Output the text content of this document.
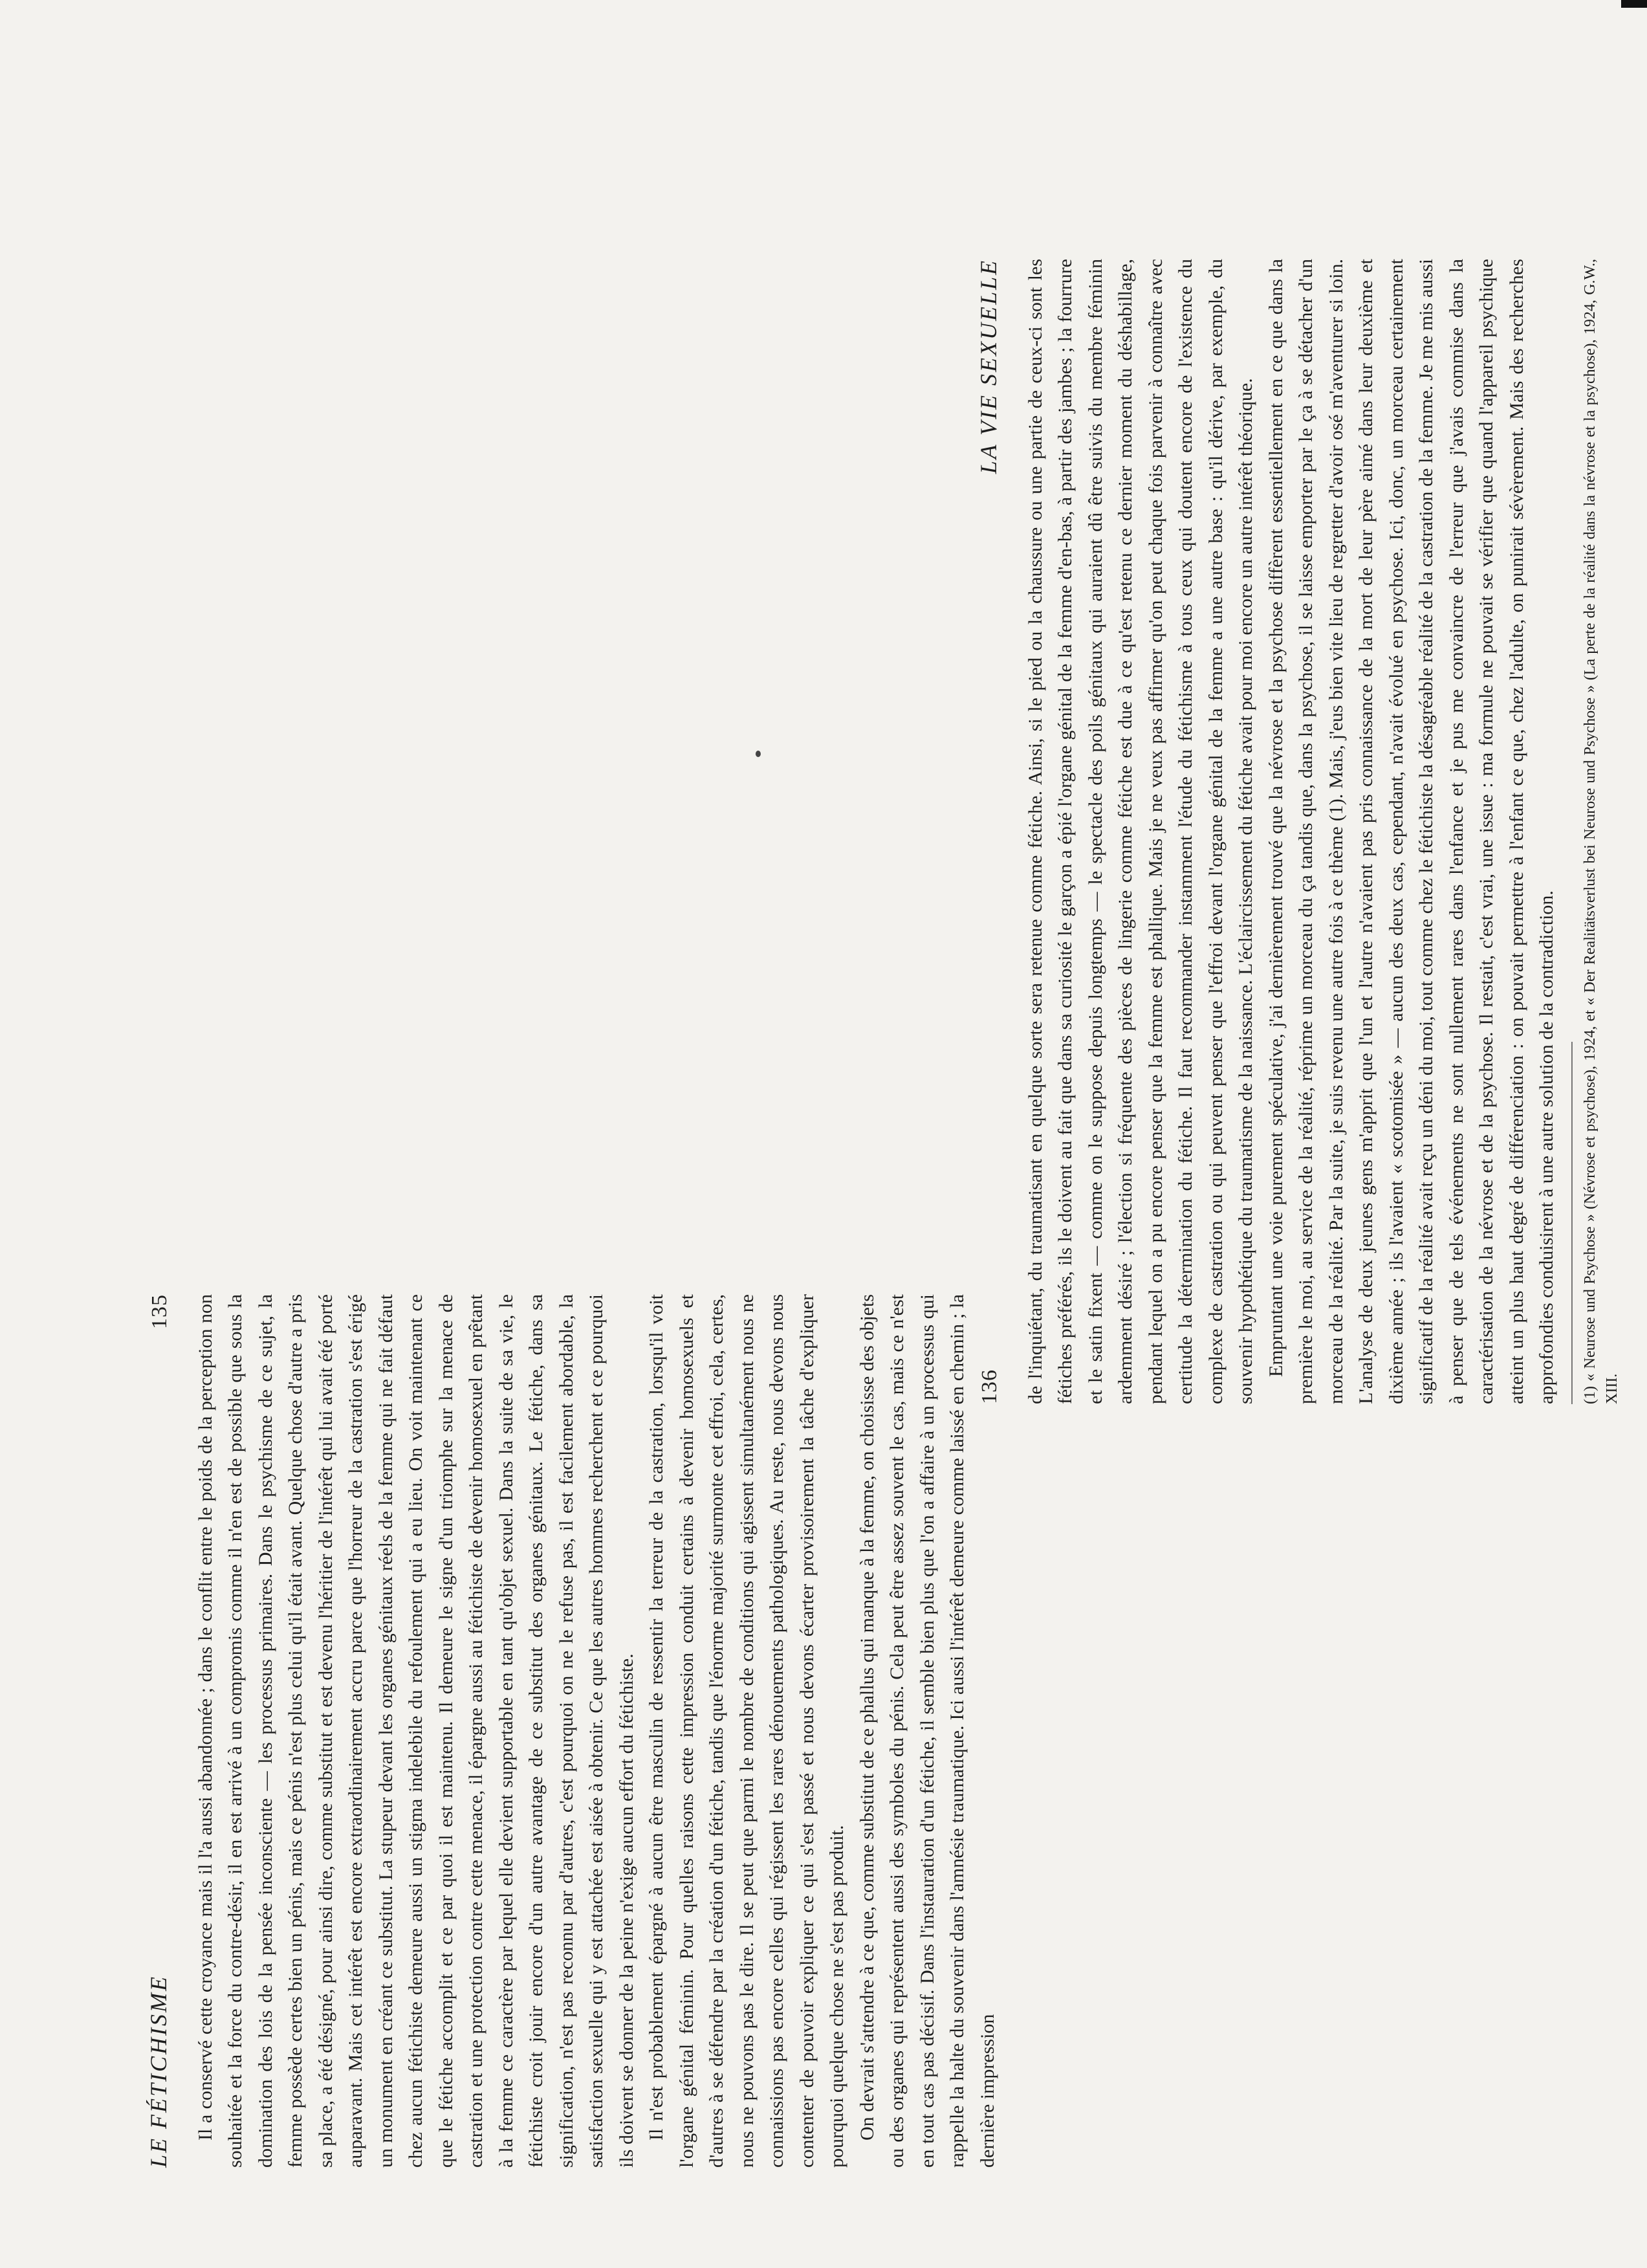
LE FÉTICHISME
135 Il a conservé cette croyance mais il l'a aussi abandonnée ; dans le conflit entre le poids de la perception non souhaitée et la force du contre-désir, il en est arrivé à un compromis comme il n'en est de possible que sous la domination des lois de la pensée inconsciente — les processus primaires. Dans le psychisme de ce sujet, la femme possède certes bien un pénis, mais ce pénis n'est plus celui qu'il était avant. Quelque chose d'autre a pris sa place, a été désigné, pour ainsi dire, comme substitut et est devenu l'héritier de l'intérêt qui lui avait été porté auparavant. Mais cet intérêt est encore extraordinairement accru parce que l'horreur de la castration s'est érigé un monument en créant ce substitut. La stupeur devant les organes génitaux réels de la femme qui ne fait défaut chez aucun fétichiste demeure aussi un stigma indelebile du refoulement qui a eu lieu. On voit maintenant ce que le fétiche accomplit et ce par quoi il est maintenu. Il demeure le signe d'un triomphe sur la menace de castration et une protection contre cette menace, il épargne aussi au fétichiste de devenir homosexuel en prêtant à la femme ce caractère par lequel elle devient supportable en tant qu'objet sexuel. Dans la suite de sa vie, le fétichiste croit jouir encore d'un autre avantage de ce substitut des organes génitaux. Le fétiche, dans sa signification, n'est pas reconnu par d'autres, c'est pourquoi on ne le refuse pas, il est facilement abordable, la satisfaction sexuelle qui y est attachée est aisée à obtenir. Ce que les autres hommes recherchent et ce pourquoi ils doivent se donner de la peine n'exige aucun effort du fétichiste. Il n'est probablement épargné à aucun être masculin de ressentir la terreur de la castration, lorsqu'il voit l'organe génital féminin. Pour quelles raisons cette impression conduit certains à devenir homosexuels et d'autres à se défendre par la création d'un fétiche, tandis que l'énorme majorité surmonte cet effroi, cela, certes, nous ne pouvons pas le dire. Il se peut que parmi le nombre de conditions qui agissent simultanément nous ne connaissions pas encore celles qui régissent les rares dénouements pathologiques. Au reste, nous devons nous contenter de pouvoir expliquer ce qui s'est passé et nous devons écarter provisoirement la tâche d'expliquer pourquoi quelque chose ne s'est pas produit. On devrait s'attendre à ce que, comme substitut de ce phallus qui manque à la femme, on choisisse des objets ou des organes qui représentent aussi des symboles du pénis. Cela peut être assez souvent le cas, mais ce n'est en tout cas pas décisif. Dans l'instauration d'un fétiche, il semble bien plus que l'on a affaire à un processus qui rappelle la halte du souvenir dans l'amnésie traumatique. Ici aussi l'intérêt demeure comme laissé en chemin ; la dernière impression

136
LA VIE SEXUELLE de l'inquiétant, du traumatisant en quelque sorte sera retenue comme fétiche. Ainsi, si le pied ou la chaussure ou une partie de ceux-ci sont les fétiches préférés, ils le doivent au fait que dans sa curiosité le garçon a épié l'organe génital de la femme d'en-bas, à partir des jambes ; la fourrure et le satin fixent — comme on le suppose depuis longtemps — le spectacle des poils génitaux qui auraient dû être suivis du membre féminin ardemment désiré ; l'élection si fréquente des pièces de lingerie comme fétiche est due à ce qu'est retenu ce dernier moment du déshabillage, pendant lequel on a pu encore penser que la femme est phallique. Mais je ne veux pas affirmer qu'on peut chaque fois parvenir à connaître avec certitude la détermination du fétiche. Il faut recommander instamment l'étude du fétichisme à tous ceux qui doutent encore de l'existence du complexe de castration ou qui peuvent penser que l'effroi devant l'organe génital de la femme a une autre base : qu'il dérive, par exemple, du souvenir hypothétique du traumatisme de la naissance. L'éclaircissement du fétiche avait pour moi encore un autre intérêt théorique. Empruntant une voie purement spéculative, j'ai dernièrement trouvé que la névrose et la psychose diffèrent essentiellement en ce que dans la première le moi, au service de la réalité, réprime un morceau du ça tandis que, dans la psychose, il se laisse emporter par le ça à se détacher d'un morceau de la réalité. Par la suite, je suis revenu une autre fois à ce thème (1). Mais, j'eus bien vite lieu de regretter d'avoir osé m'aventurer si loin. L'analyse de deux jeunes gens m'apprit que l'un et l'autre n'avaient pas pris connaissance de la mort de leur père aimé dans leur deuxième et dixième année ; ils l'avaient « scotomisée » — aucun des deux cas, cependant, n'avait évolué en psychose. Ici, donc, un morceau certainement significatif de la réalité avait reçu un déni du moi, tout comme chez le fétichiste la désagréable réalité de la castration de la femme. Je me mis aussi à penser que de tels événements ne sont nullement rares dans l'enfance et je pus me convaincre de l'erreur que j'avais commise dans la caractérisation de la névrose et de la psychose. Il restait, c'est vrai, une issue : ma formule ne pouvait se vérifier que quand l'appareil psychique atteint un plus haut degré de différenciation : on pouvait permettre à l'enfant ce que, chez l'adulte, on punirait sévèrement. Mais des recherches approfondies conduisirent à une autre solution de la contradiction.	(1) « Neurose und Psychose » (Névrose et psychose), 1924, et « Der Realitätsverlust bei Neurose und Psychose » (La perte de la réalité dans la névrose et la psychose), 1924, G.W., XIII.
